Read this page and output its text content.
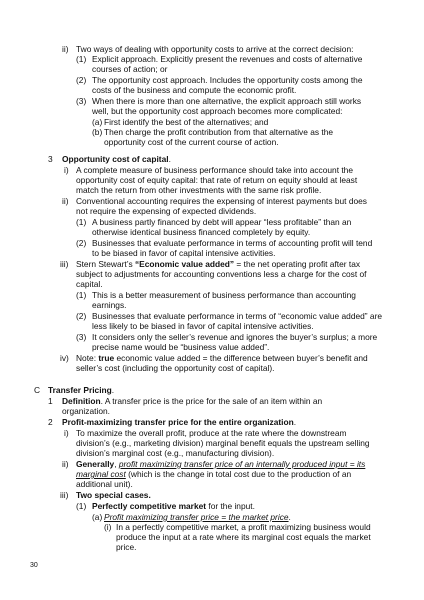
30
ii) Two ways of dealing with opportunity costs to arrive at the correct decision:
(1) Explicit approach. Explicitly present the revenues and costs of alternative
courses of action; or
(2) The opportunity cost approach. Includes the opportunity costs among the
costs of the business and compute the economic profit.
(3) When there is more than one alternative, the explicit approach still works
well, but the opportunity cost approach becomes more complicated:
(a) First identify the best of the alternatives; and
(b) Then charge the profit contribution from that alternative as the
opportunity cost of the current course of action.
3 Opportunity cost of capital.
i) A complete measure of business performance should take into account the
opportunity cost of equity capital: that rate of return on equity should at least
match the return from other investments with the same risk profile.
ii) Conventional accounting requires the expensing of interest payments but does
not require the expensing of expected dividends.
(1) A business partly financed by debt will appear “less profitable” than an
otherwise identical business financed completely by equity.
(2) Businesses that evaluate performance in terms of accounting profit will tend
to be biased in favor of capital intensive activities.
iii) Stern Stewart’s “Economic value added” = the net operating profit after tax
subject to adjustments for accounting conventions less a charge for the cost of
capital.
(1) This is a better measurement of business performance than accounting
earnings.
(2) Businesses that evaluate performance in terms of “economic value added” are
less likely to be biased in favor of capital intensive activities.
(3) It considers only the seller’s revenue and ignores the buyer’s surplus; a more
precise name would be “business value added”.
iv) Note: true economic value added = the difference between buyer’s benefit and
seller’s cost (including the opportunity cost of capital).
C Transfer Pricing.
1 Definition. A transfer price is the price for the sale of an item within an
organization.
2 Profit-maximizing transfer price for the entire organization.
i) To maximize the overall profit, produce at the rate where the downstream
division’s (e.g., marketing division) marginal benefit equals the upstream selling
division’s marginal cost (e.g., manufacturing division).
ii) Generally, profit maximizing transfer price of an internally produced input = its
marginal cost (which is the change in total cost due to the production of an
additional unit).
iii) Two special cases.
(1) Perfectly competitive market for the input.
(a) Profit maximizing transfer price = the market price.
(i) In a perfectly competitive market, a profit maximizing business would
produce the input at a rate where its marginal cost equals the market
price.
